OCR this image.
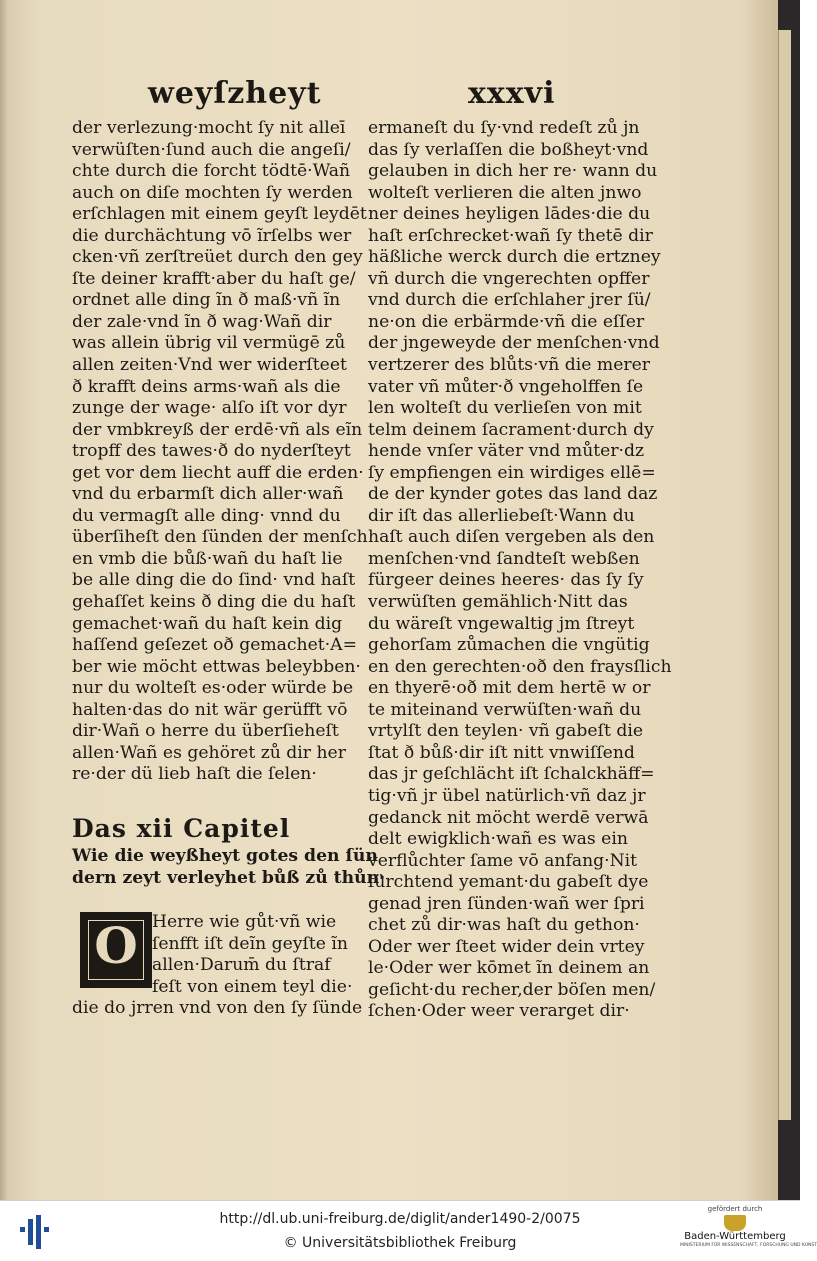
weyſzheyt	xxxvi
der verlezung·mocht ſy nit alleī
verwüſten·ſund auch die angeſi/
chte durch die forcht tödtē·Wañ
auch on diſe mochten ſy werden
erſchlagen mit einem geyſt leydēt
die durchächtung vō ĩrſelbs wer
cken·vñ zerſtreüet durch den gey
ſte deiner krafft·aber du haſt ge/
ordnet alle ding ĩn ð maß·vñ ĩn
der zale·vnd ĩn ð wag·Wañ dir
was allein übrig vil vermügē zů
allen zeiten·Vnd wer widerſteet
ð krafft deins arms·wañ als die
zunge der wage· alſo iſt vor dyr
der vmbkreyß der erdē·vñ als eĩn
tropff des tawes·ð do nyderſteyt
get vor dem liecht auff die erden·
vnd du erbarmſt dich aller·wañ
du vermagſt alle ding· vnnd du
überſiheſt den ſünden der menſch
en vmb die bůß·wañ du haſt lie
be alle ding die do ſind· vnd haſt
gehaſſet keins ð ding die du haſt
gemachet·wañ du haſt kein dig
haſſend geſezet oð gemachet·A=
ber wie möcht ettwas beleybben·
nur du wolteſt es·oder würde be
halten·das do nit wär gerüfft vō
dir·Wañ o herre du überſieheſt
allen·Wañ es gehöret zů dir her
re·der dü lieb haſt die ſelen·
Das xii Capitel
Wie die weyßheyt gotes den ſün
dern zeyt verleyhet bůß zů thůn·
O Herre wie gůt·vñ wie
ſenfft iſt deĩn geyſte ĩn
allen·Darum̄ du ſtraf
feſt von einem teyl die·
die do jrren vnd von den ſy ſünde
ermaneſt du ſy·vnd redeſt zů jn
das ſy verlaſſen die boßheyt·vnd
gelauben in dich her re· wann du
wolteſt verlieren die alten jnwo
ner deines heyligen lādes·die du
haſt erſchrecket·wañ ſy thetē dir
häßliche werck durch die ertzney
vñ durch die vngerechten opffer
vnd durch die erſchlaher jrer ſü/
ne·on die erbärmde·vñ die eſſer
der jngeweyde der menſchen·vnd
vertzerer des blůts·vñ die merer
vater vñ můter·ð vngeholffen ſe
len wolteſt du verlieſen von mit
telm deinem ſacrament·durch dy
hende vnſer väter vnd můter·dz
ſy empfiengen ein wirdiges ellē=
de der kynder gotes das land daz
dir iſt das allerliebeſt·Wann du
haſt auch diſen vergeben als den
menſchen·vnd ſandteſt webßen
fürgeer deines heeres· das ſy ſy
verwüſten gemählich·Nitt das
du wäreſt vngewaltig jm ſtreyt
gehorſam zůmachen die vngütig
en den gerechten·oð den fraysſlich
en thyerē·oð mit dem hertē w or
te miteinand verwüſten·wañ du
vrtylſt den teylen· vñ gabeſt die
ſtat ð bůß·dir iſt nitt vnwiſſend
das jr geſchlächt iſt ſchalckhäff=
tig·vñ jr übel natürlich·vñ daz jr
gedanck nit möcht werdē verwā
delt ewigklich·wañ es was ein
verflůchter ſame vō anfang·Nit
fürchtend yemant·du gabeſt dye
genad jren ſünden·wañ wer ſpri
chet zů dir·was haſt du gethon·
Oder wer ſteet wider dein vrtey
le·Oder wer kōmet ĩn deinem an
geſicht·du recher,der böſen men/
ſchen·Oder weer verarget dir·
http://dl.ub.uni-freiburg.de/diglit/ander1490-2/0075
© Universitätsbibliothek Freiburg
gefördert durch
Baden-Württemberg
MINISTERIUM FÜR WISSENSCHAFT, FORSCHUNG UND KUNST
